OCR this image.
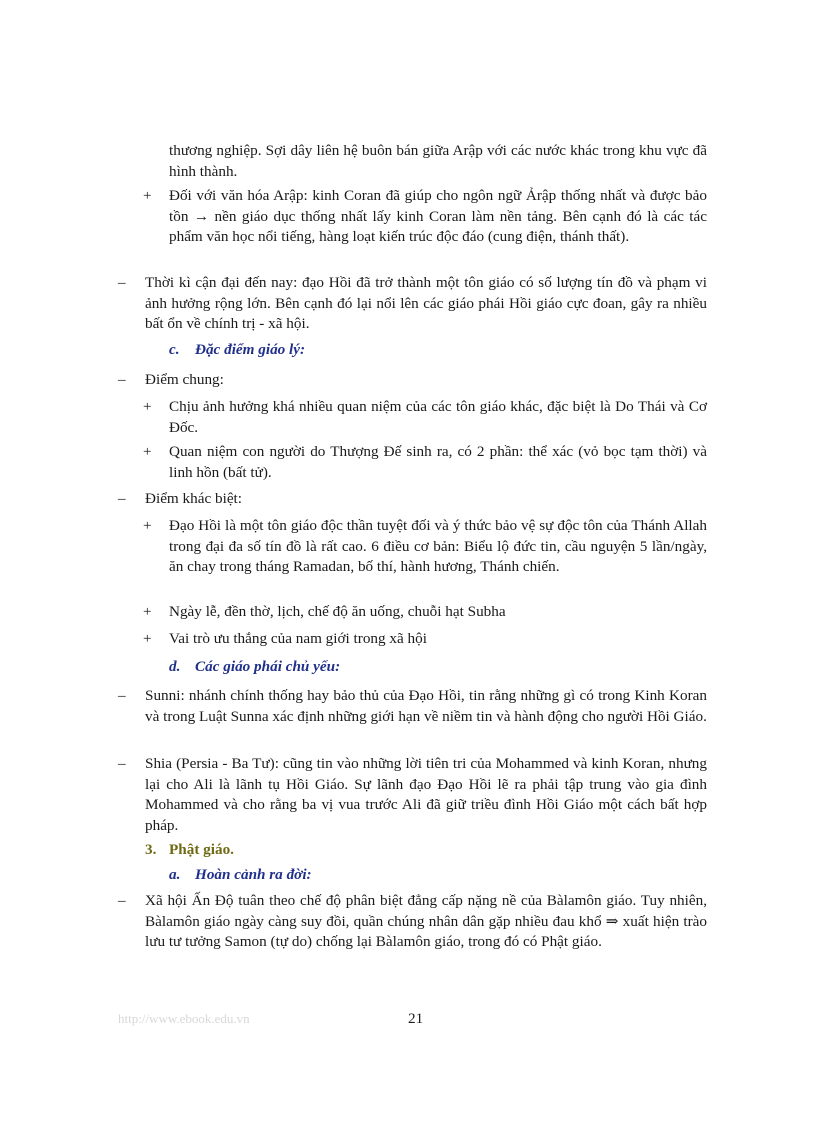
thương nghiệp. Sợi dây liên hệ buôn bán giữa Arập với các nước khác trong khu vực đã hình thành.
+ Đối với văn hóa Arập: kinh Coran đã giúp cho ngôn ngữ Ảrập thống nhất và được bảo tồn → nền giáo dục thống nhất lấy kinh Coran làm nền tảng. Bên cạnh đó là các tác phẩm văn học nổi tiếng, hàng loạt kiến trúc độc đáo (cung điện, thánh thất).
– Thời kì cận đại đến nay: đạo Hồi đã trở thành một tôn giáo có số lượng tín đồ và phạm vi ảnh hưởng rộng lớn. Bên cạnh đó lại nổi lên các giáo phái Hồi giáo cực đoan, gây ra nhiều bất ổn về chính trị - xã hội.
c. Đặc điểm giáo lý:
– Điểm chung:
+ Chịu ảnh hưởng khá nhiều quan niệm của các tôn giáo khác, đặc biệt là Do Thái và Cơ Đốc.
+ Quan niệm con người do Thượng Đế sinh ra, có 2 phần: thể xác (vỏ bọc tạm thời) và linh hồn (bất tử).
– Điểm khác biệt:
+ Đạo Hồi là một tôn giáo độc thần tuyệt đối và ý thức bảo vệ sự độc tôn của Thánh Allah trong đại đa số tín đồ là rất cao. 6 điều cơ bản: Biểu lộ đức tin, cầu nguyện 5 lần/ngày, ăn chay trong tháng Ramadan, bố thí, hành hương, Thánh chiến.
+ Ngày lễ, đền thờ, lịch, chế độ ăn uống, chuỗi hạt Subha
+ Vai trò ưu thắng của nam giới trong xã hội
d. Các giáo phái chủ yếu:
– Sunni: nhánh chính thống hay bảo thủ của Đạo Hồi, tin rằng những gì có trong Kinh Koran và trong Luật Sunna xác định những giới hạn về niềm tin và hành động cho người Hồi Giáo.
– Shia (Persia - Ba Tư): cũng tin vào những lời tiên tri của Mohammed và kinh Koran, nhưng lại cho Ali là lãnh tụ Hồi Giáo. Sự lãnh đạo Đạo Hồi lẽ ra phải tập trung vào gia đình Mohammed và cho rằng ba vị vua trước Ali đã giữ triều đình Hồi Giáo một cách bất hợp pháp.
3. Phật giáo.
a. Hoàn cảnh ra đời:
– Xã hội Ấn Độ tuân theo chế độ phân biệt đẳng cấp nặng nề của Bàlamôn giáo. Tuy nhiên, Bàlamôn giáo ngày càng suy đồi, quần chúng nhân dân gặp nhiều đau khổ ⇒ xuất hiện trào lưu tư tưởng Samon (tự do) chống lại Bàlamôn giáo, trong đó có Phật giáo.
http://www.ebook.edu.vn	21
